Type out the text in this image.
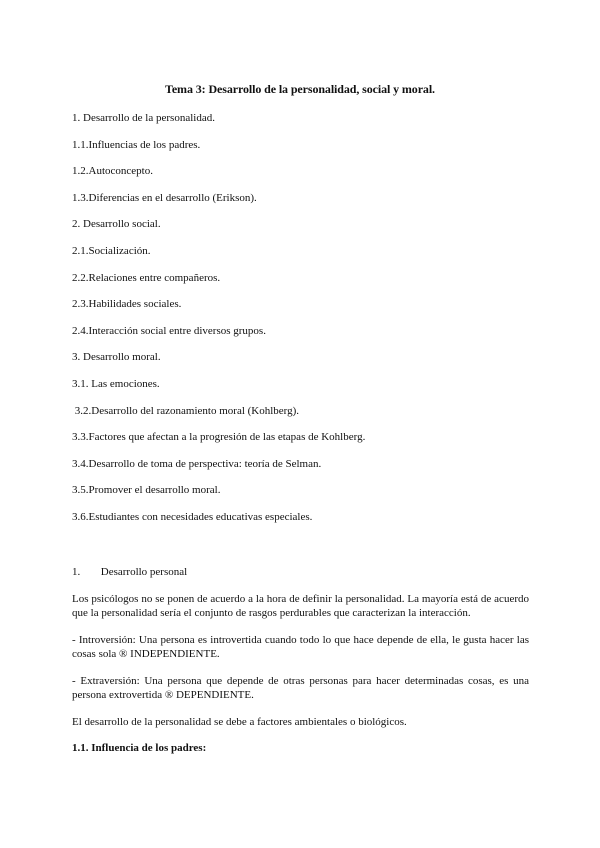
Tema 3: Desarrollo de la personalidad, social y moral.
1. Desarrollo de la personalidad.
1.1.Influencias de los padres.
1.2.Autoconcepto.
1.3.Diferencias en el desarrollo (Erikson).
2. Desarrollo social.
2.1.Socialización.
2.2.Relaciones entre compañeros.
2.3.Habilidades sociales.
2.4.Interacción social entre diversos grupos.
3. Desarrollo moral.
3.1. Las emociones.
3.2.Desarrollo del razonamiento moral (Kohlberg).
3.3.Factores que afectan a la progresión de las etapas de Kohlberg.
3.4.Desarrollo de toma de perspectiva: teoría de Selman.
3.5.Promover el desarrollo moral.
3.6.Estudiantes con necesidades educativas especiales.
1. Desarrollo personal

Los psicólogos no se ponen de acuerdo a la hora de definir la personalidad. La mayoría está de acuerdo que la personalidad sería el conjunto de rasgos perdurables que caracterizan la interacción.

- Introversión: Una persona es introvertida cuando todo lo que hace depende de ella, le gusta hacer las cosas sola ® INDEPENDIENTE.

- Extraversión: Una persona que depende de otras personas para hacer determinadas cosas, es una persona extrovertida ® DEPENDIENTE.

El desarrollo de la personalidad se debe a factores ambientales o biológicos.

1.1. Influencia de los padres:
